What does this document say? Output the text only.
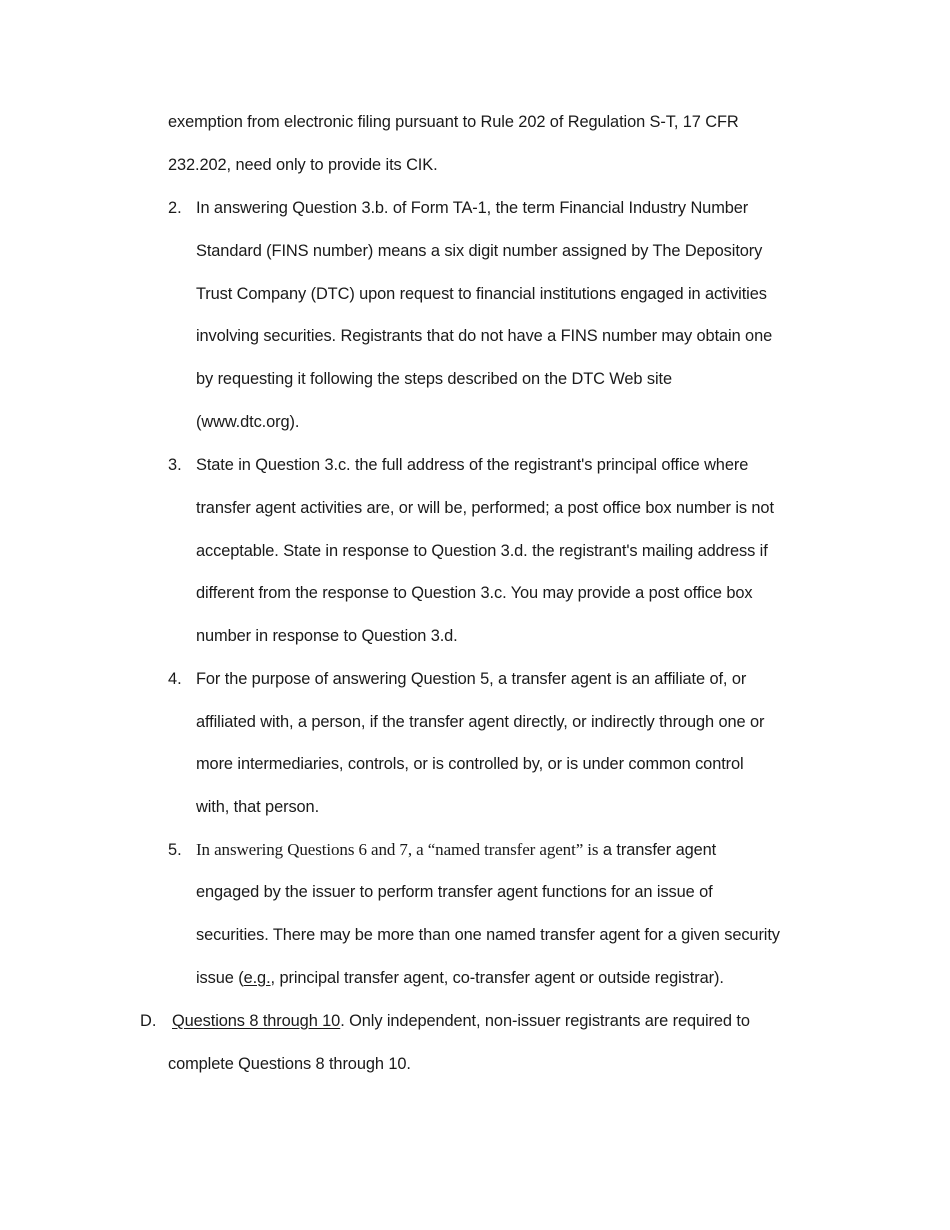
exemption from electronic filing pursuant to Rule 202 of Regulation S-T, 17 CFR
232.202, need only to provide its CIK.
2. In answering Question 3.b. of Form TA-1, the term Financial Industry Number
Standard (FINS number) means a six digit number assigned by The Depository
Trust Company (DTC) upon request to financial institutions engaged in activities
involving securities. Registrants that do not have a FINS number may obtain one
by requesting it following the steps described on the DTC Web site
(www.dtc.org).
3. State in Question 3.c. the full address of the registrant's principal office where
transfer agent activities are, or will be, performed; a post office box number is not
acceptable. State in response to Question 3.d. the registrant's mailing address if
different from the response to Question 3.c. You may provide a post office box
number in response to Question 3.d.
4. For the purpose of answering Question 5, a transfer agent is an affiliate of, or
affiliated with, a person, if the transfer agent directly, or indirectly through one or
more intermediaries, controls, or is controlled by, or is under common control
with, that person.
5. In answering Questions 6 and 7, a “named transfer agent” is a transfer agent
engaged by the issuer to perform transfer agent functions for an issue of
securities. There may be more than one named transfer agent for a given security
issue (e.g., principal transfer agent, co-transfer agent or outside registrar).
D. Questions 8 through 10. Only independent, non-issuer registrants are required to
complete Questions 8 through 10.
